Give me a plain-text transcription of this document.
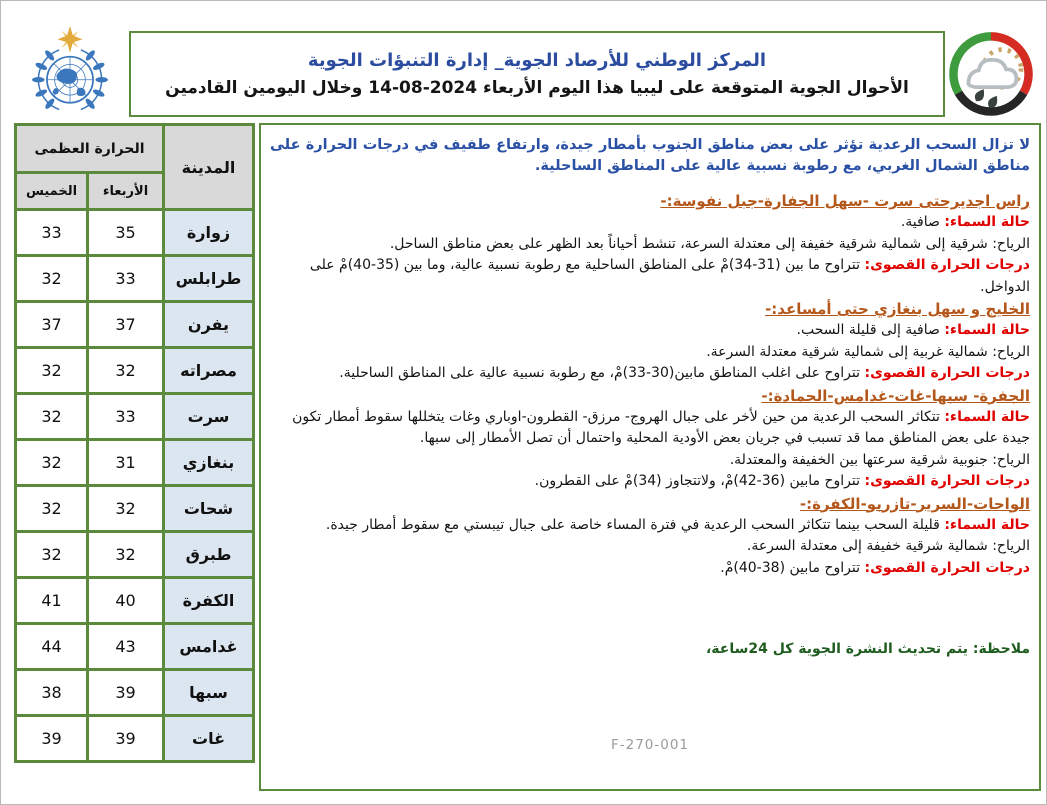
المركز الوطني للأرصاد الجوية_ إدارة التنبؤات الجوية
الأحوال الجوية المتوقعة على ليبيا هذا اليوم الأربعاء 2024-08-14 وخلال اليومين القادمين
المدينة	الحرارة العظمى	
	الأربعاء	الخميس
زوارة	35	33
طرابلس	33	32
يفرن	37	37
مصراته	32	32
سرت	33	32
بنغازي	31	32
شحات	32	32
طبرق	32	32
الكفرة	40	41
غدامس	43	44
سبها	39	38
غات	39	39

لا تزال السحب الرعدية تؤثر على بعض مناطق الجنوب بأمطار جيدة، وارتفاع طفيف في درجات الحرارة على مناطق الشمال الغربي، مع رطوبة نسبية عالية على المناطق الساحلية.

راس اجديرحتى سرت -سهل الجفارة-جبل نفوسة:-
حالة السماء: صافية.
الرياح: شرقية إلى شمالية شرقية خفيفة إلى معتدلة السرعة، تنشط أحياناً بعد الظهر على بعض مناطق الساحل.
درجات الحرارة القصوى: تتراوح ما بين (31-34)مْ على المناطق الساحلية مع رطوبة نسبية عالية، وما بين (35-40)مْ على الدواخل.
الخليج و سهل بنغازي حتى أمساعد:-
حالة السماء: صافية إلى قليلة السحب.
الرياح: شمالية غربية إلى شمالية شرقية معتدلة السرعة.
درجات الحرارة القصوى: تتراوح على اغلب المناطق مابين(30-33)مْ، مع رطوبة نسبية عالية على المناطق الساحلية.
الجفرة- سبها-غات-غدامس-الحمادة:-
حالة السماء: تتكاثر السحب الرعدية من حين لأخر على جبال الهروج- مرزق- القطرون-اوباري وغات يتخللها سقوط أمطار تكون جيدة على بعض المناطق مما قد تسبب في جريان بعض الأودية المحلية واحتمال أن تصل الأمطار إلى سبها.
الرياح: جنوبية شرقية سرعتها بين الخفيفة والمعتدلة.
درجات الحرارة القصوى: تتراوح مابين (36-42)مْ، ولاتتجاوز (34)مْ على القطرون.
الواحات-السرير-تازربو-الكفرة:-
حالة السماء: قليلة السحب بينما تتكاثر السحب الرعدية في فترة المساء خاصة على جبال تيبستي مع سقوط أمطار جيدة.
الرياح: شمالية شرقية خفيفة إلى معتدلة السرعة.
درجات الحرارة القصوى: تتراوح مابين (38-40)مْ.
ملاحظة: يتم تحديث النشرة الجوية كل 24ساعة،
F-270-001
